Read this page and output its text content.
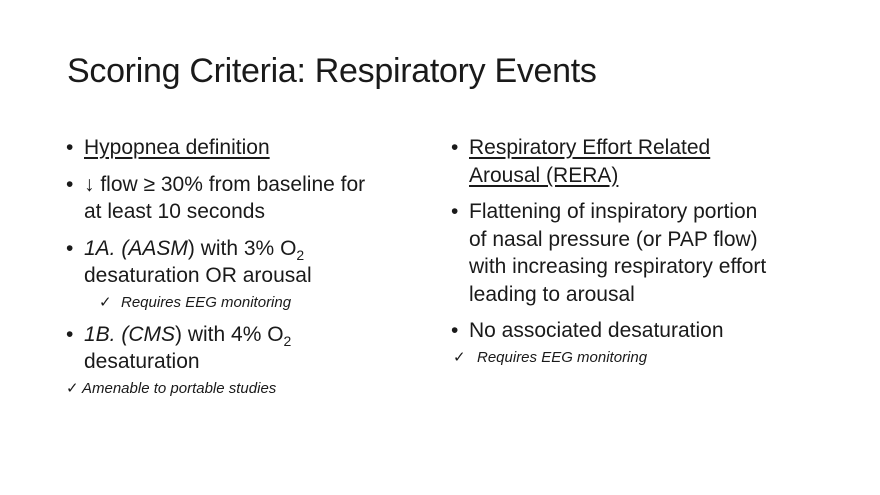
Scoring Criteria: Respiratory Events
• Hypopnea definition
• ↓ flow ≥ 30% from baseline for
at least 10 seconds
• 1A. (AASM) with 3% $O_2$
desaturation OR arousal
✓ Requires EEG monitoring
• 1B. (CMS) with 4% $O_2$
desaturation
✓ Amenable to portable studies
• Respiratory Effort Related
Arousal (RERA)
• Flattening of inspiratory portion
of nasal pressure (or PAP flow)
with increasing respiratory effort
leading to arousal
• No associated desaturation
✓ Requires EEG monitoring
